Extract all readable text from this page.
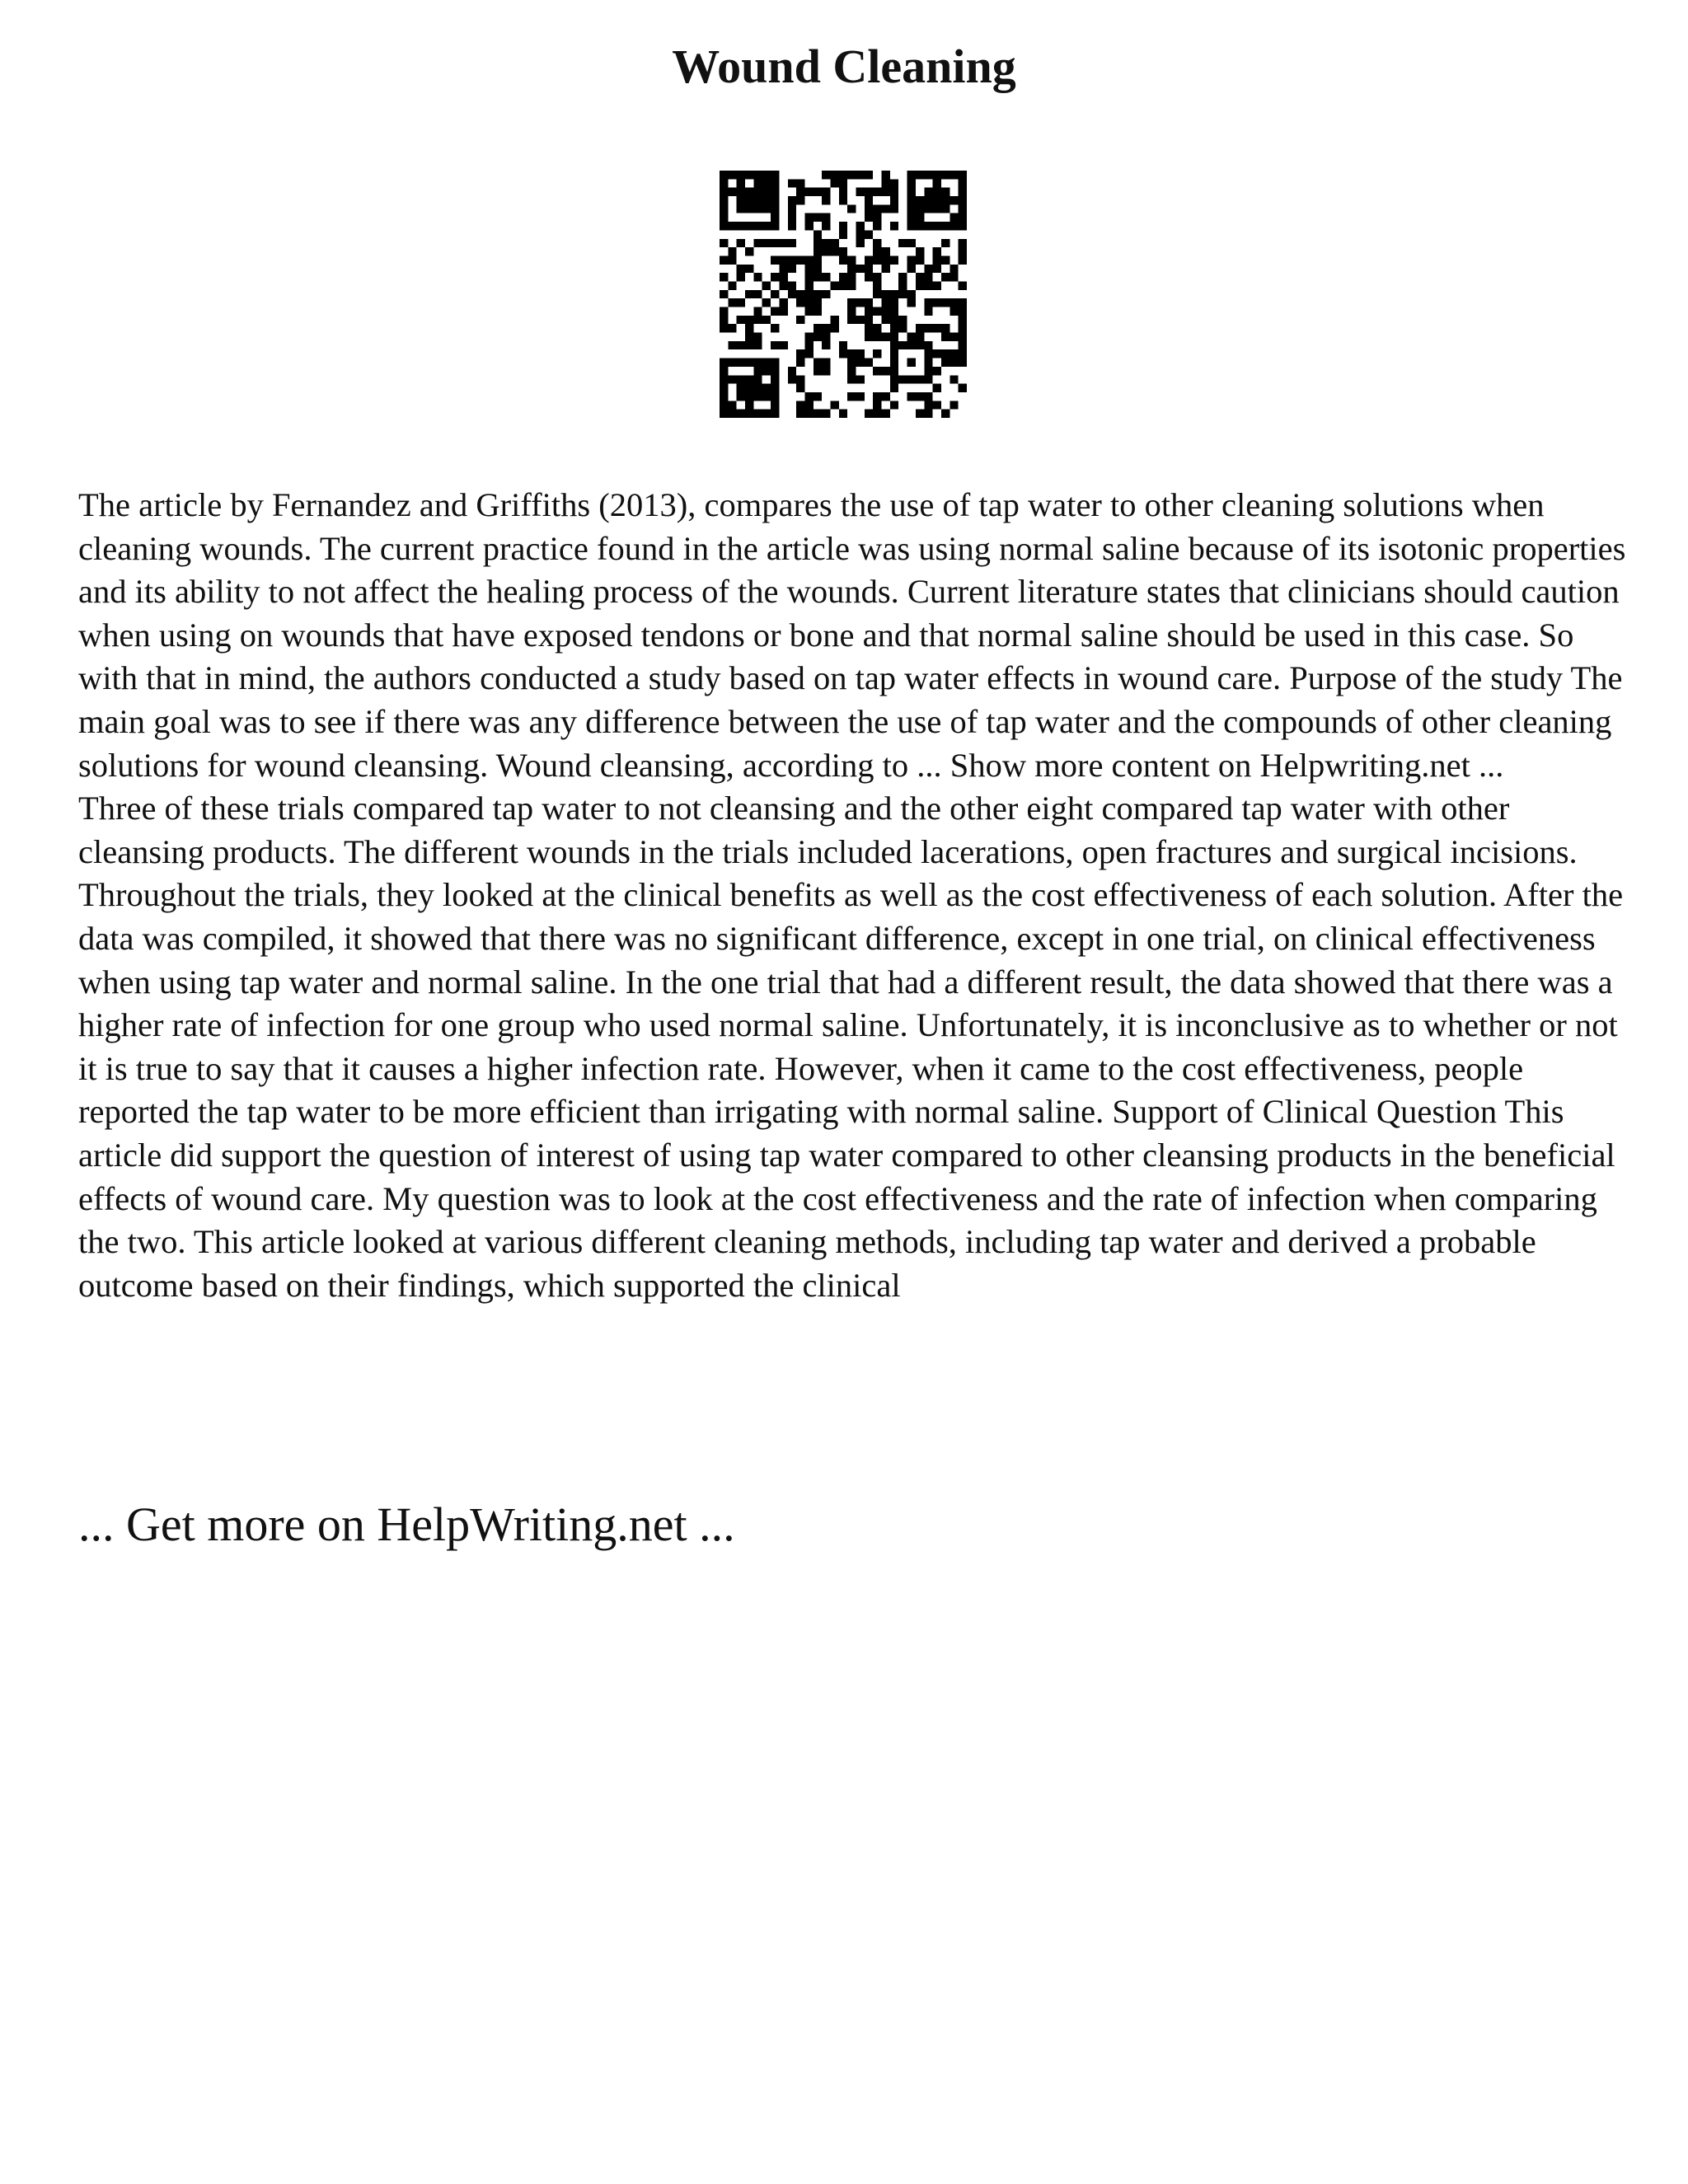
Wound Cleaning

The article by Fernandez and Griffiths (2013), compares the use of tap water to other cleaning solutions when cleaning wounds. The current practice found in the article was using normal saline because of its isotonic properties and its ability to not affect the healing process of the wounds. Current literature states that clinicians should caution when using on wounds that have exposed tendons or bone and that normal saline should be used in this case. So with that in mind, the authors conducted a study based on tap water effects in wound care. Purpose of the study The main goal was to see if there was any difference between the use of tap water and the compounds of other cleaning solutions for wound cleansing. Wound cleansing, according to ... Show more content on Helpwriting.net ...

Three of these trials compared tap water to not cleansing and the other eight compared tap water with other cleansing products. The different wounds in the trials included lacerations, open fractures and surgical incisions. Throughout the trials, they looked at the clinical benefits as well as the cost effectiveness of each solution. After the data was compiled, it showed that there was no significant difference, except in one trial, on clinical effectiveness when using tap water and normal saline. In the one trial that had a different result, the data showed that there was a higher rate of infection for one group who used normal saline. Unfortunately, it is inconclusive as to whether or not it is true to say that it causes a higher infection rate. However, when it came to the cost effectiveness, people reported the tap water to be more efficient than irrigating with normal saline. Support of Clinical Question This article did support the question of interest of using tap water compared to other cleansing products in the beneficial effects of wound care. My question was to look at the cost effectiveness and the rate of infection when comparing the two. This article looked at various different cleaning methods, including tap water and derived a probable outcome based on their findings, which supported the clinical

... Get more on HelpWriting.net ...
